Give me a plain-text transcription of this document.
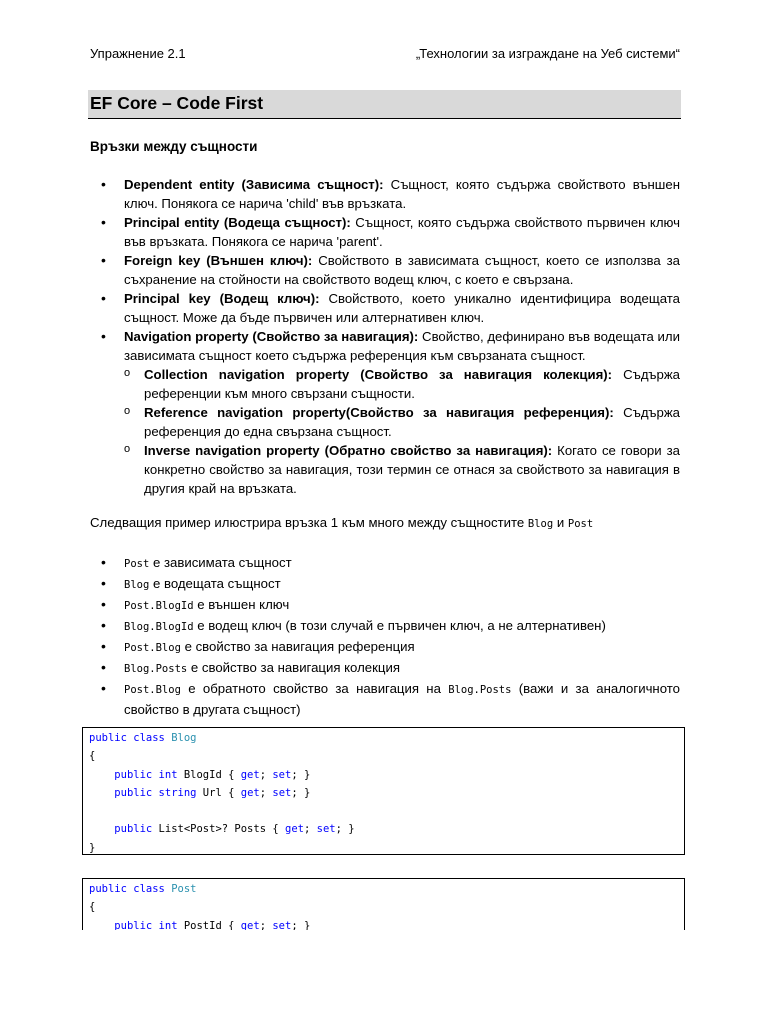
Упражнение 2.1	„Технологии за изграждане на Уеб системи“
EF Core – Code First
Връзки между същности
• Dependent entity (Зависима същност): Същност, която съдържа свойството външен ключ. Понякога се нарича 'child' във връзката.
• Principal entity (Водеща същност): Същност, която съдържа свойството първичен ключ във връзката. Понякога се нарича 'parent'.
• Foreign key (Външен ключ): Свойството в зависимата същност, което се използва за съхранение на стойности на свойството водещ ключ, с което е свързана.
• Principal key (Водещ ключ): Свойството, което уникално идентифицира водещата същност. Може да бъде първичен или алтернативен ключ.
• Navigation property (Свойство за навигация): Свойство, дефинирано във водещата или зависимата същност което съдържа референция към свързаната същност.
o Collection navigation property (Свойство за навигация колекция): Съдържа референции към много свързани същности.
o Reference navigation property(Свойство за навигация референция): Съдържа референция до една свързана същност.
o Inverse navigation property (Обратно свойство за навигация): Когато се говори за конкретно свойство за навигация, този термин се отнася за свойството за навигация в другия край на връзката.
Следващия пример илюстрира връзка 1 към много между същностите Blog и Post
• Post е зависимата същност
• Blog е водещата същност
• Post.BlogId е външен ключ
• Blog.BlogId е водещ ключ (в този случай е първичен ключ, а не алтернативен)
• Post.Blog е свойство за навигация референция
• Blog.Posts е свойство за навигация колекция
• Post.Blog е обратното свойство за навигация на Blog.Posts (важи и за аналогичното свойство в другата същност)
public class Blog
{
public int BlogId { get; set; }
public string Url { get; set; }
public List<Post>? Posts { get; set; }
}
public class Post
{
public int PostId { get; set; }
